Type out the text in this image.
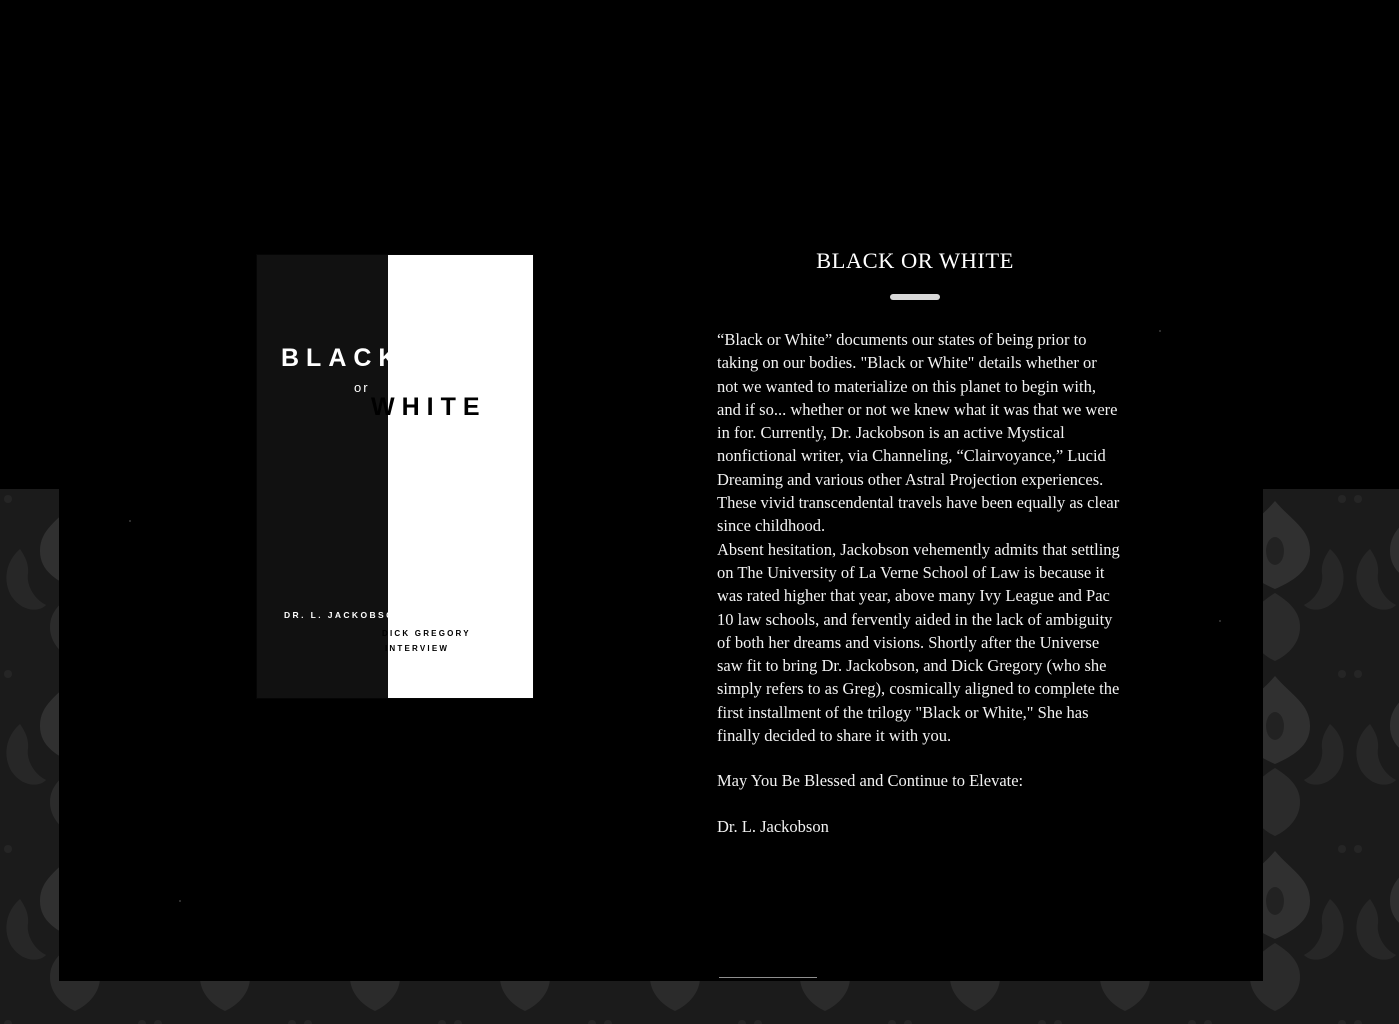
BLACK
or
WHITE
DR. L. JACKOBSON
DICK GREGORY
INTERVIEW
BLACK OR WHITE

“Black or White” documents our states of being prior to taking on our bodies. "Black or White" details whether or not we wanted to materialize on this planet to begin with, and if so... whether or not we knew what it was that we were in for. Currently, Dr. Jackobson is an active Mystical nonfictional writer, via Channeling, “Clairvoyance,” Lucid Dreaming and various other Astral Projection experiences. These vivid transcendental travels have been equally as clear since childhood.

Absent hesitation, Jackobson vehemently admits that settling on The University of La Verne School of Law is because it was rated higher that year, above many Ivy League and Pac 10 law schools, and fervently aided in the lack of ambiguity of both her dreams and visions. Shortly after the Universe saw fit to bring Dr. Jackobson, and Dick Gregory (who she simply refers to as Greg), cosmically aligned to complete the first installment of the trilogy "Black or White," She has finally decided to share it with you.

May You Be Blessed and Continue to Elevate:

Dr. L. Jackobson
